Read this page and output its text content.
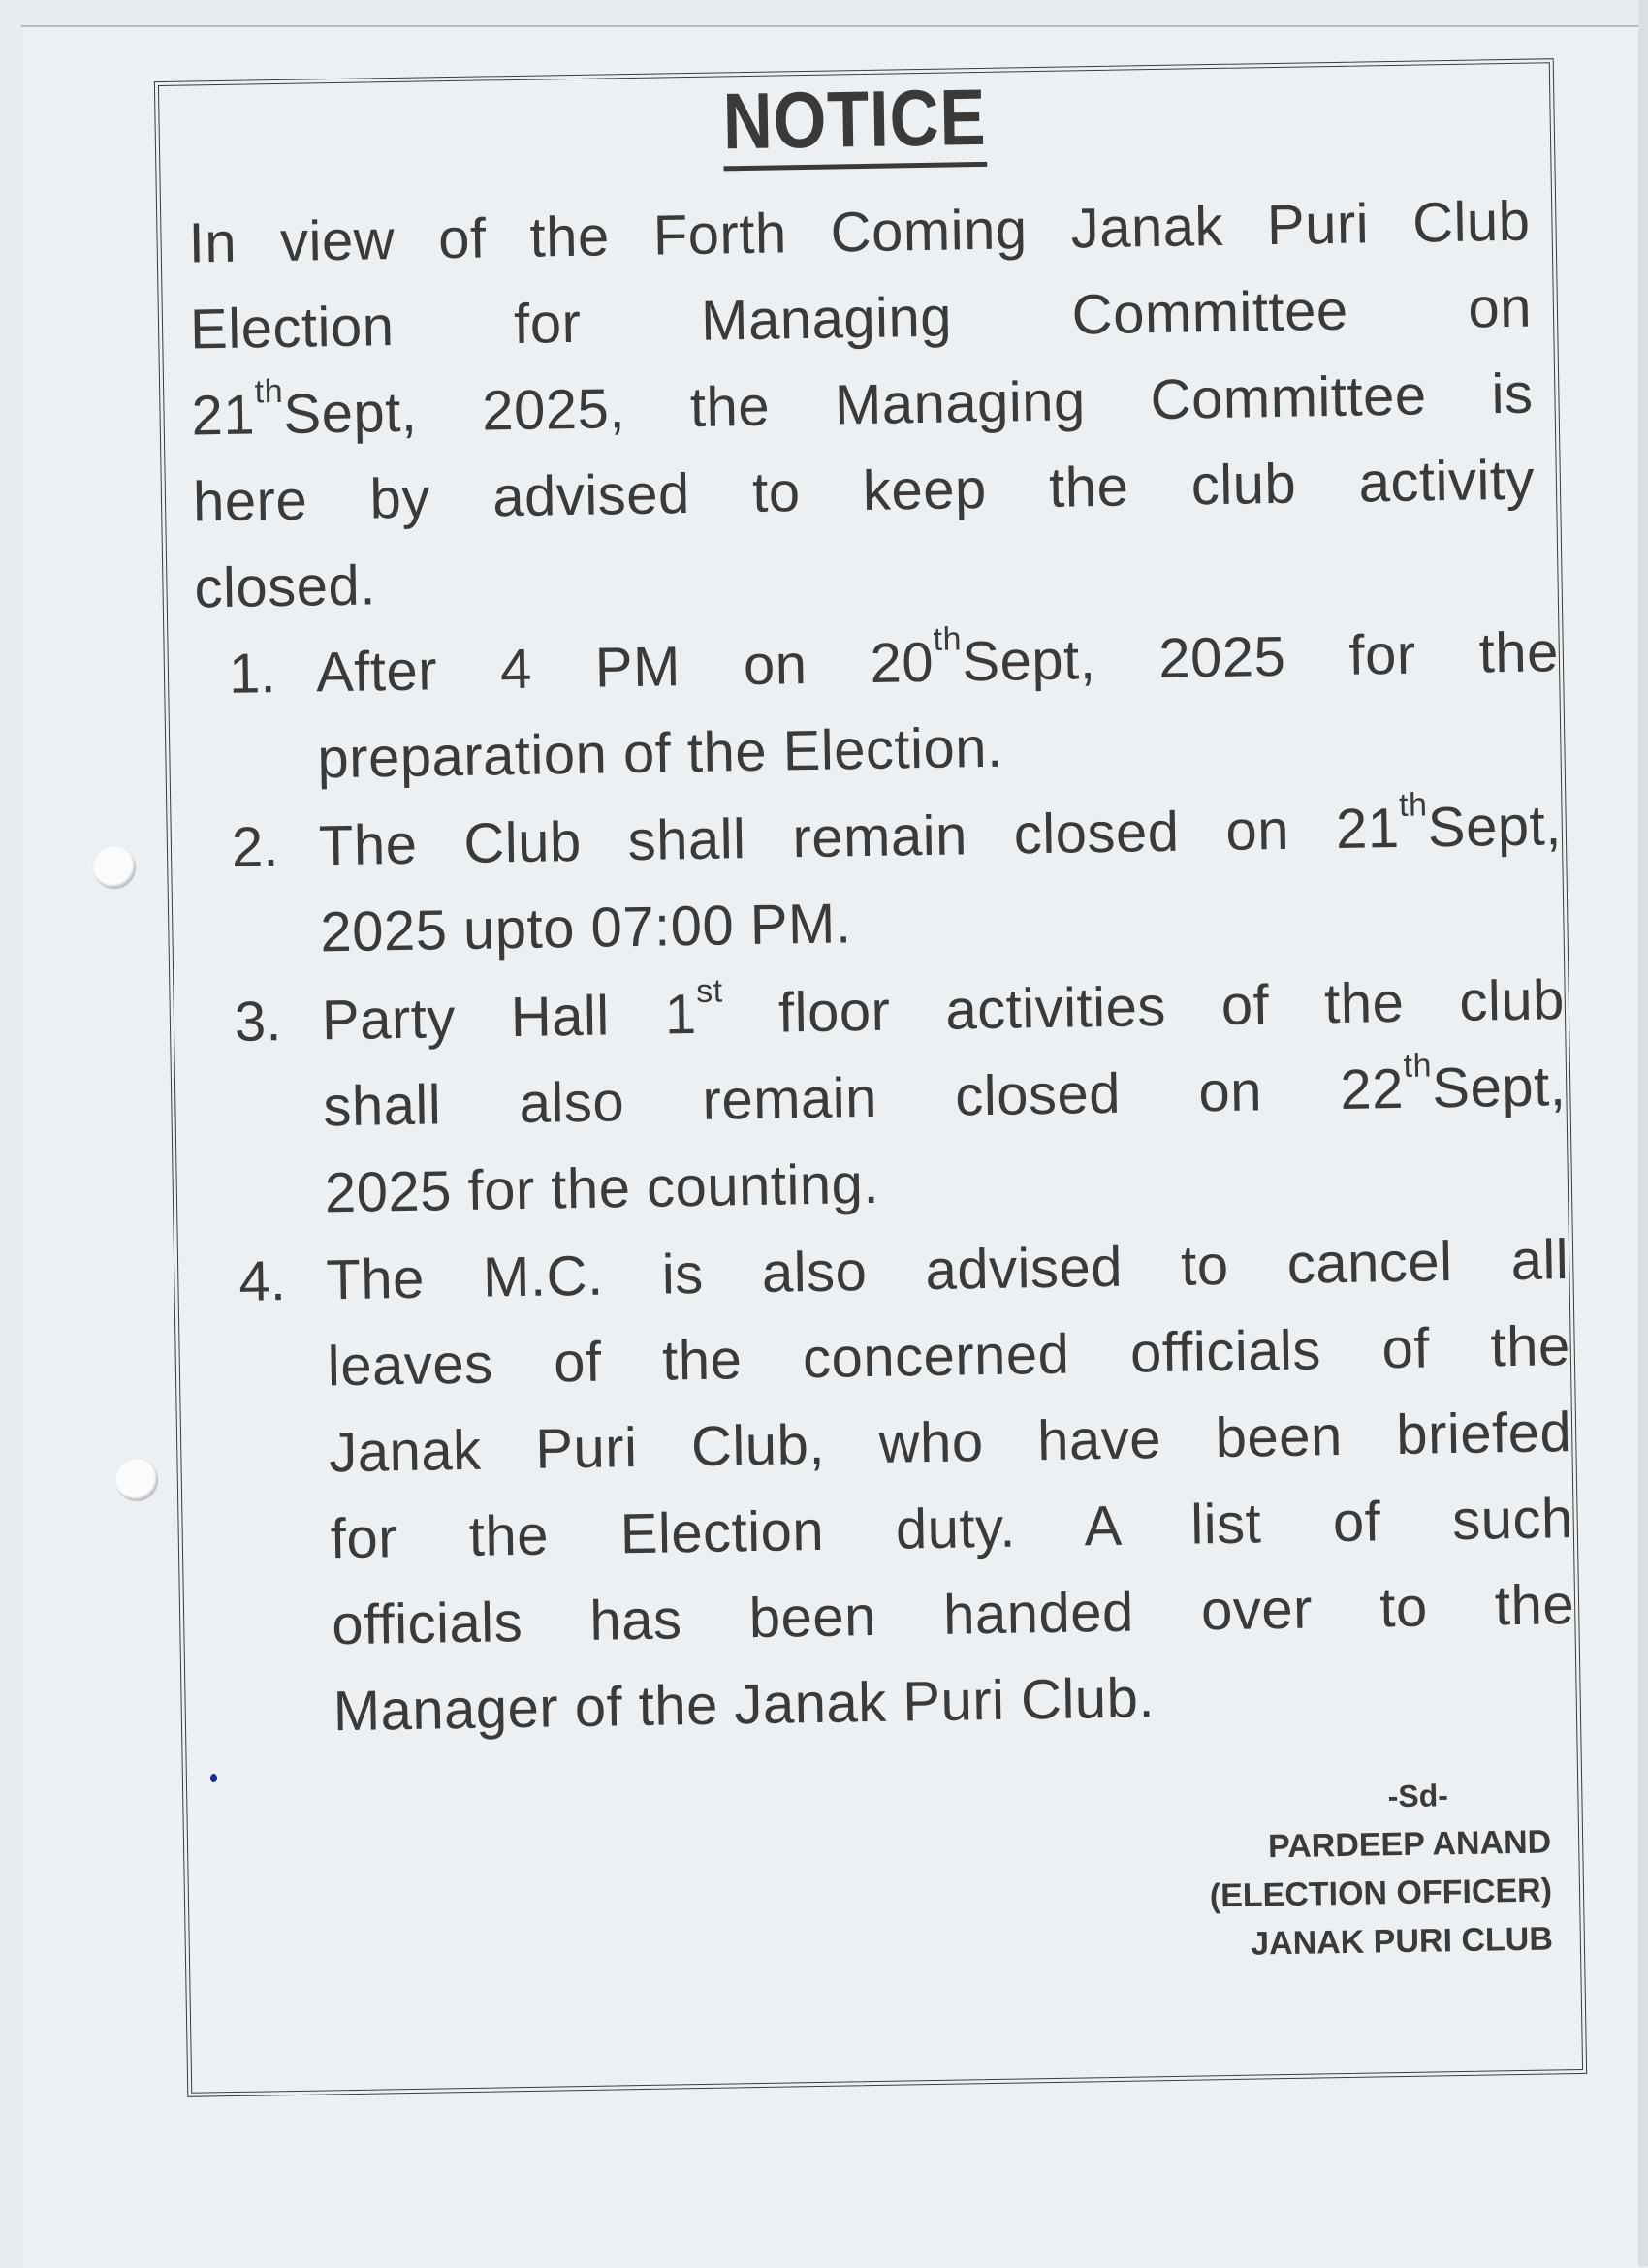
NOTICE
In view of the Forth Coming Janak Puri Club
Election for Managing Committee on
21thSept, 2025, the Managing Committee is
here by advised to keep the club activity
closed.
1. After 4 PM on 20thSept, 2025 for the
preparation of the Election.
2. The Club shall remain closed on 21thSept,
2025 upto 07:00 PM.
3. Party Hall 1st floor activities of the club
shall also remain closed on 22thSept,
2025 for the counting.
4. The M.C. is also advised to cancel all
leaves of the concerned officials of the
Janak Puri Club, who have been briefed
for the Election duty. A list of such
officials has been handed over to the
Manager of the Janak Puri Club.
-Sd-
PARDEEP ANAND
(ELECTION OFFICER)
JANAK PURI CLUB
